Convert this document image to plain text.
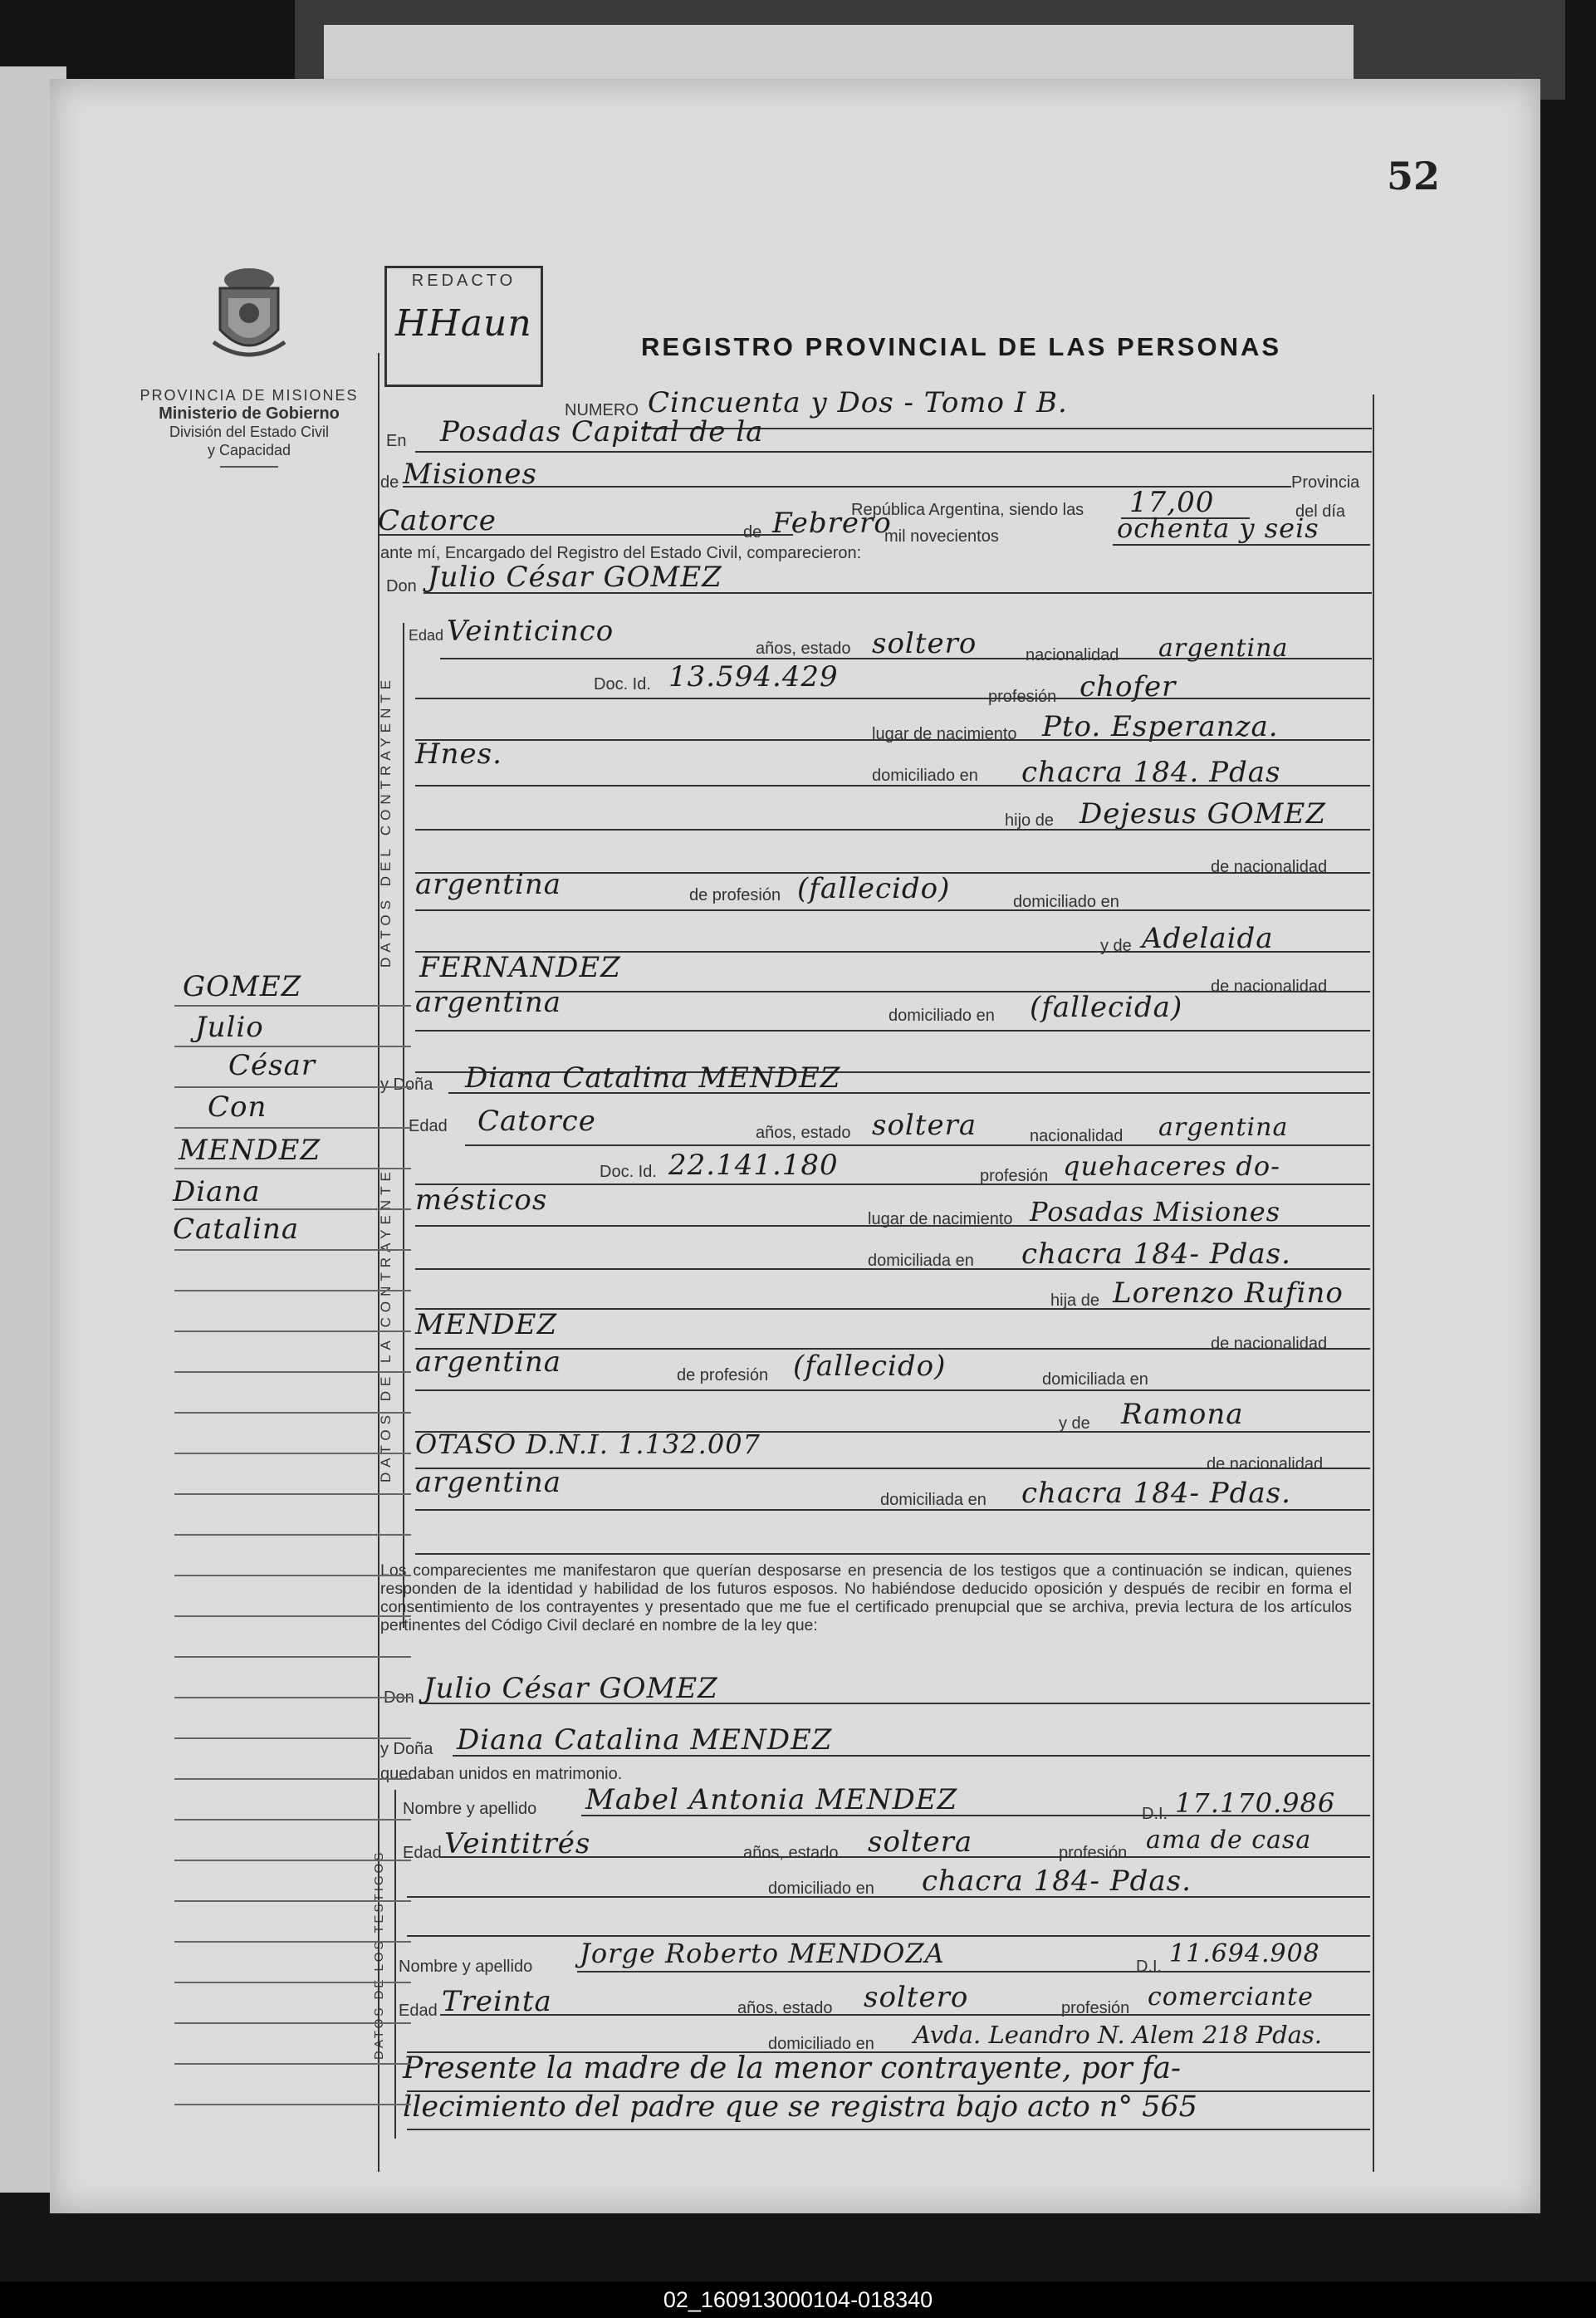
52
PROVINCIA DE MISIONES
Ministerio de Gobierno
División del Estado Civil
y Capacidad
REDACTO
HHaun
REGISTRO PROVINCIAL DE LAS PERSONAS
NUMERO Cincuenta y Dos - Tomo I B.
En Posadas Capital de la
de Misiones	Provincia
República Argentina, siendo las 17,00	del día
Catorce	de Febrero
mil novecientos	ochenta y seis
ante mí, Encargado del Registro del Estado Civil, comparecieron:
Don Julio César GOMEZ
DATOS DEL CONTRAYENTE
Edad Veinticinco
años, estado soltero	nacionalidad argentina
Doc. Id. 13.594.429
profesión chofer
lugar de nacimiento Pto. Esperanza.
Hnes.
domiciliado en chacra 184. Pdas
hijo de Dejesus GOMEZ
de nacionalidad
argentina	de profesión (fallecido)	domiciliado en
y de Adelaida
FERNANDEZ
de nacionalidad
argentina	domiciliado en (fallecida)
y Doña Diana Catalina MENDEZ
DATOS DE LA CONTRAYENTE
Edad Catorce	años, estado soltera	nacionalidad argentina
Doc. Id. 22.141.180	profesión quehaceres do-
mésticos
lugar de nacimiento Posadas Misiones
domiciliada en chacra 184- Pdas.
hija de Lorenzo Rufino
MENDEZ
de nacionalidad
argentina	de profesión (fallecido)	domiciliada en
y de Ramona
OTASO D.N.I. 1.132.007
de nacionalidad
argentina
domiciliada en chacra 184- Pdas.
Los comparecientes me manifestaron que querían desposarse en presencia de los testigos que a continuación se indican, quienes responden de la identidad y habilidad de los futuros esposos. No habiéndose deducido oposición y después de recibir en forma el consentimiento de los contrayentes y presentado que me fue el certificado prenupcial que se archiva, previa lectura de los artículos pertinentes del Código Civil declaré en nombre de la ley que:
Don Julio César GOMEZ
y Doña Diana Catalina MENDEZ
quedaban unidos en matrimonio.
DATOS DE LOS TESTIGOS
Nombre y apellido Mabel Antonia MENDEZ	D.I. 17.170.986
Edad Veintitrés	años, estado soltera	profesión ama de casa
domiciliado en chacra 184- Pdas.
Nombre y apellido Jorge Roberto MENDOZA	D.I. 11.694.908
Edad Treinta	años, estado soltero	profesión comerciante
domiciliado en Avda. Leandro N. Alem 218 Pdas.
Presente la madre de la menor contrayente, por fa-
llecimiento del padre que se registra bajo acto n° 565
GOMEZ
Julio
César
Con
MENDEZ
Diana
Catalina
02_160913000104-018340
